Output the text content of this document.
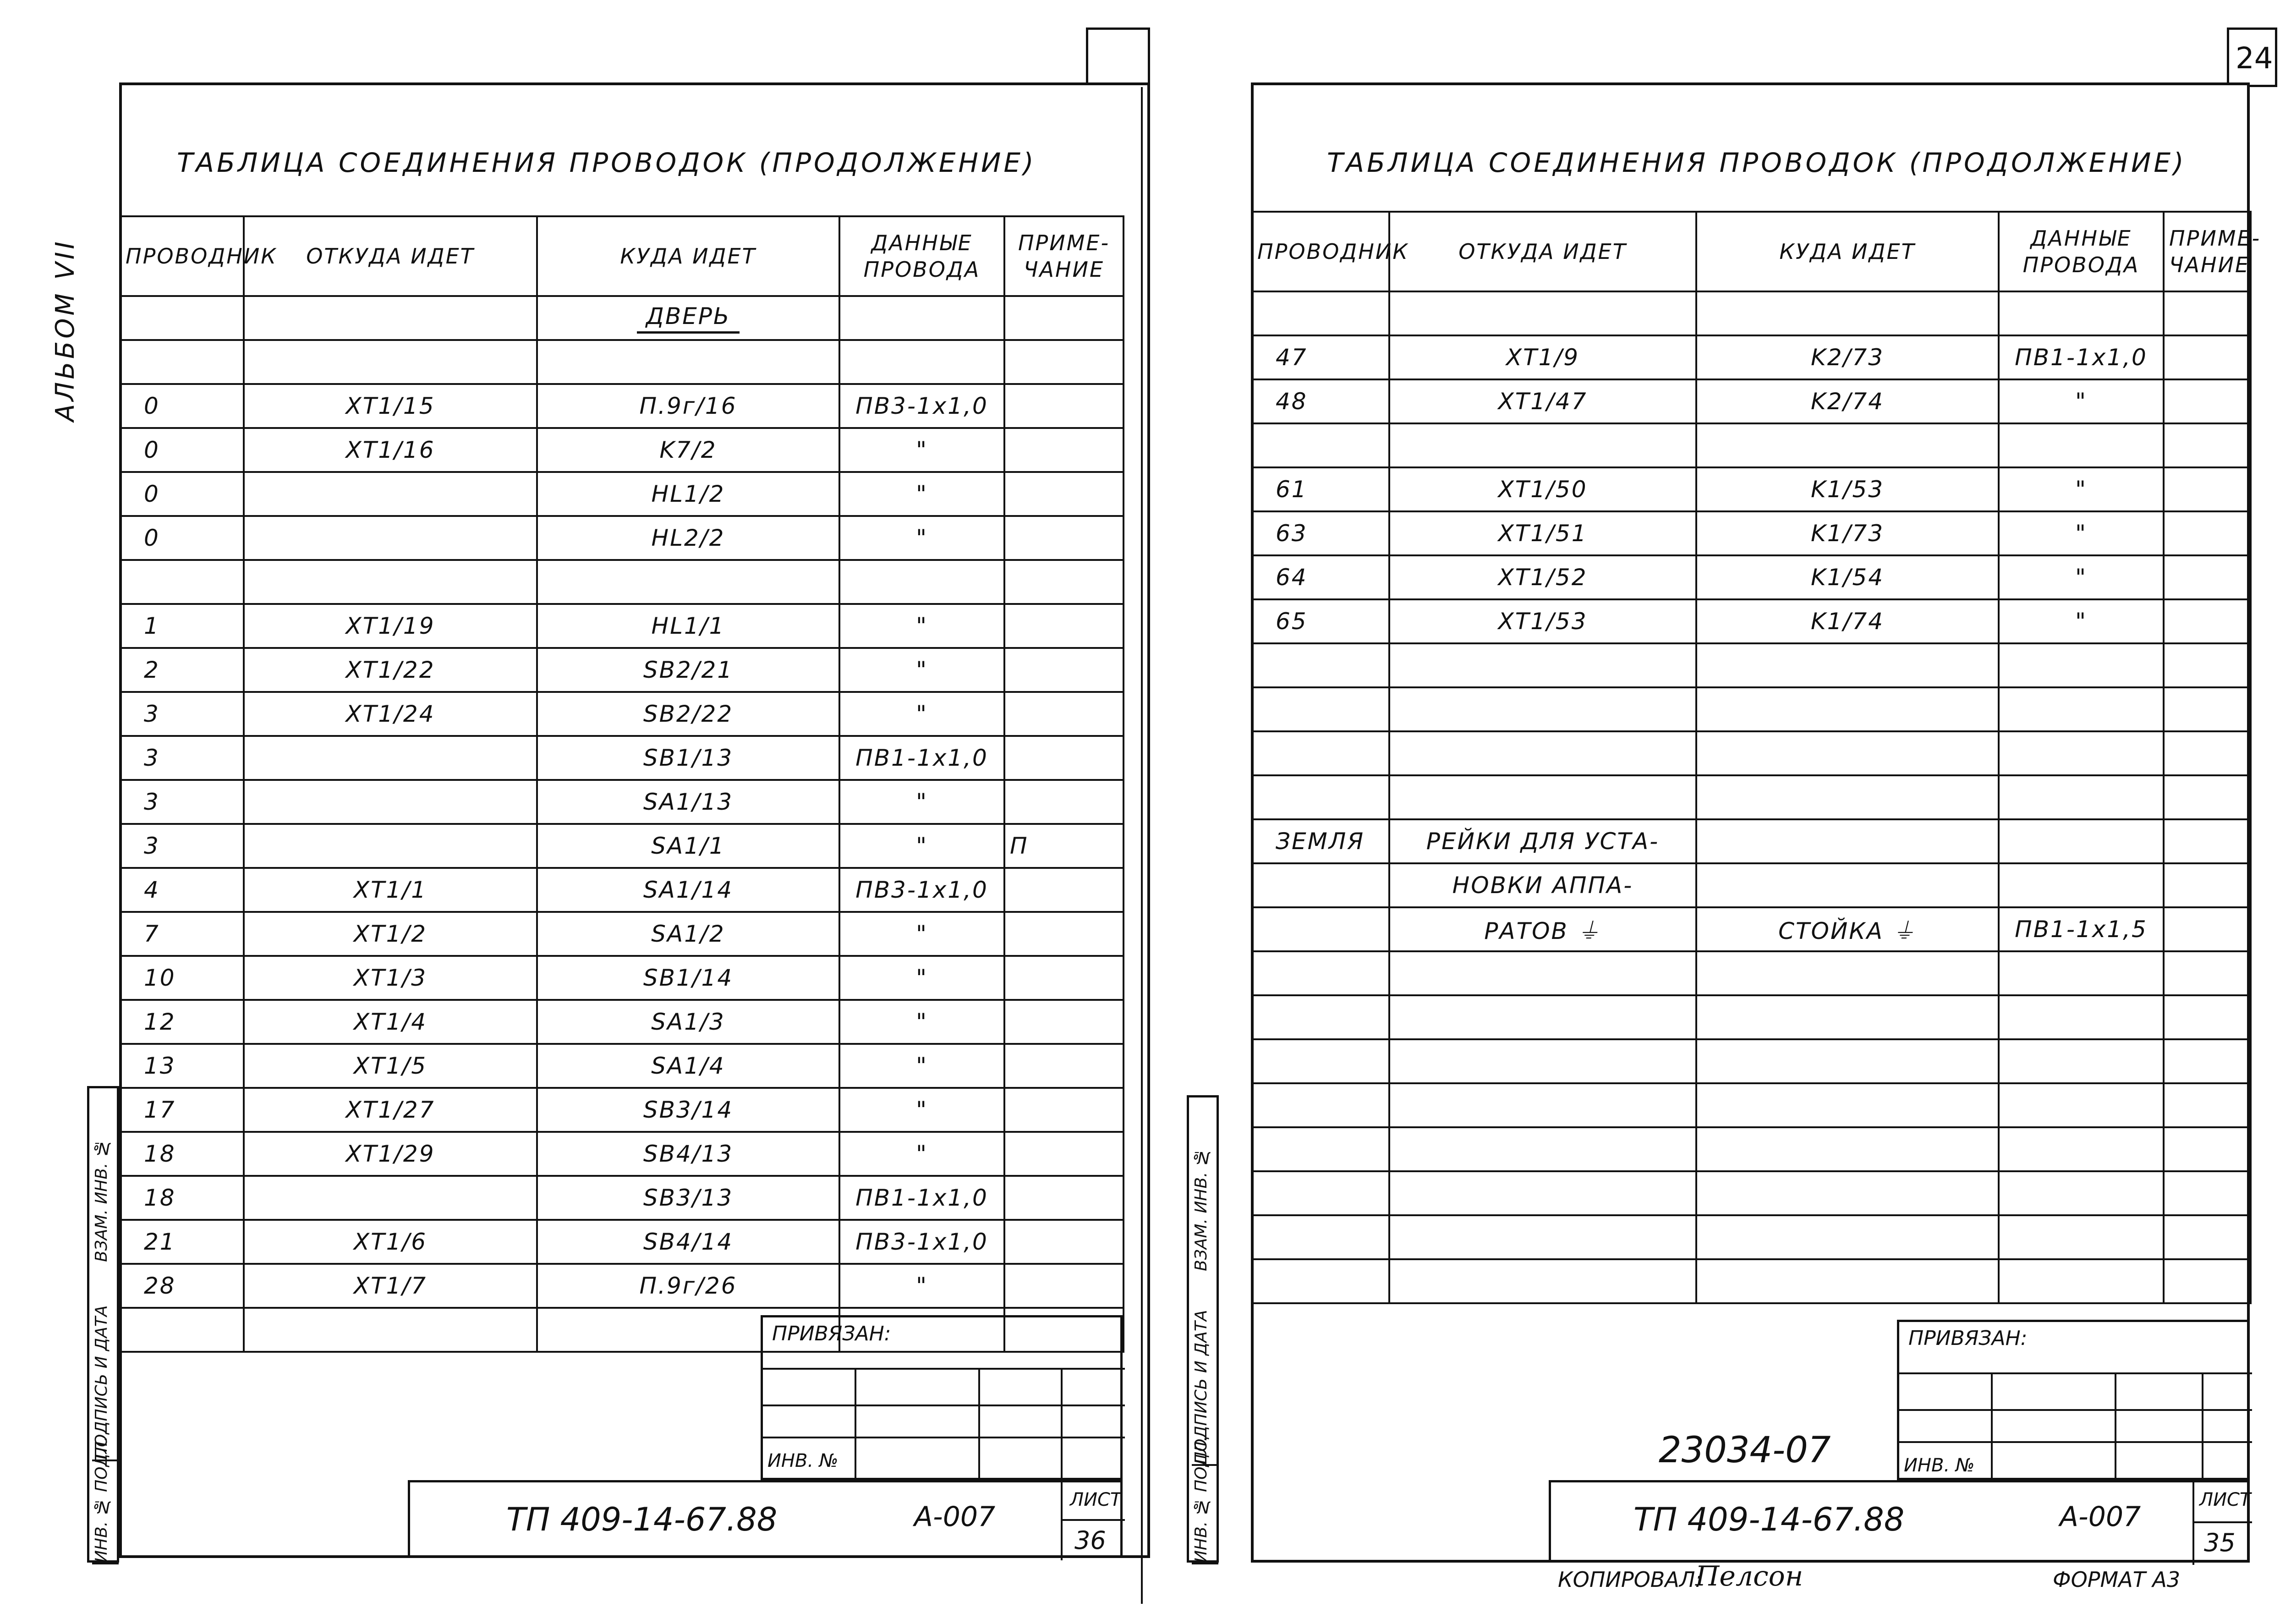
24
АЛЬБОМ VII
ТАБЛИЦА СОЕДИНЕНИЯ ПРОВОДОК (ПРОДОЛЖЕНИЕ)
ПРОВОДНИК	ОТКУДА ИДЕТ	КУДА ИДЕТ	ДАННЫЕ ПРОВОДА	ПРИМЕ-ЧАНИЕ
		ДВЕРЬ		

0	XT1/15	П.9г/16	ПВ3-1x1,0	
0	XT1/16	K7/2	"	
0		HL1/2	"	
0		HL2/2	"	

1	XT1/19	HL1/1	"	
2	XT1/22	SB2/21	"	
3	XT1/24	SB2/22	"	
3		SB1/13	ПВ1-1x1,0	
3		SA1/13	"	
3		SA1/1	"	П
4	XT1/1	SA1/14	ПВ3-1x1,0	
7	XT1/2	SA1/2	"	
10	XT1/3	SB1/14	"	
12	XT1/4	SA1/3	"	
13	XT1/5	SA1/4	"	
17	XT1/27	SB3/14	"	
18	XT1/29	SB4/13	"	
18		SB3/13	ПВ1-1x1,0	
21	XT1/6	SB4/14	ПВ3-1x1,0	
28	XT1/7	П.9г/26	"	

ИНВ. № ПОДЛ.
ПОДПИСЬ И ДАТА
ВЗАМ. ИНВ. №
ПРИВЯЗАН:
ИНВ. №
ТП 409-14-67.88	А-007
ЛИСТ
36
ТАБЛИЦА СОЕДИНЕНИЯ ПРОВОДОК (ПРОДОЛЖЕНИЕ)
ПРОВОДНИК	ОТКУДА ИДЕТ	КУДА ИДЕТ	ДАННЫЕ ПРОВОДА	ПРИМЕ-ЧАНИЕ

47	XT1/9	K2/73	ПВ1-1x1,0	
48	XT1/47	K2/74	"	

61	XT1/50	K1/53	"	
63	XT1/51	K1/73	"	
64	XT1/52	K1/54	"	
65	XT1/53	K1/74	"	

ЗЕМЛЯ	РЕЙКИ ДЛЯ УСТА-			
	НОВКИ АППА-			
	РАТОВ ⏚	СТОЙКА ⏚	ПВ1-1x1,5	

ИНВ. № ПОДЛ.
ПОДПИСЬ И ДАТА
ВЗАМ. ИНВ. №
ПРИВЯЗАН:
ИНВ. №
23034-07
ТП 409-14-67.88	А-007
ЛИСТ
35
КОПИРОВАЛ:
Пелсон	ФОРМАТ А3
